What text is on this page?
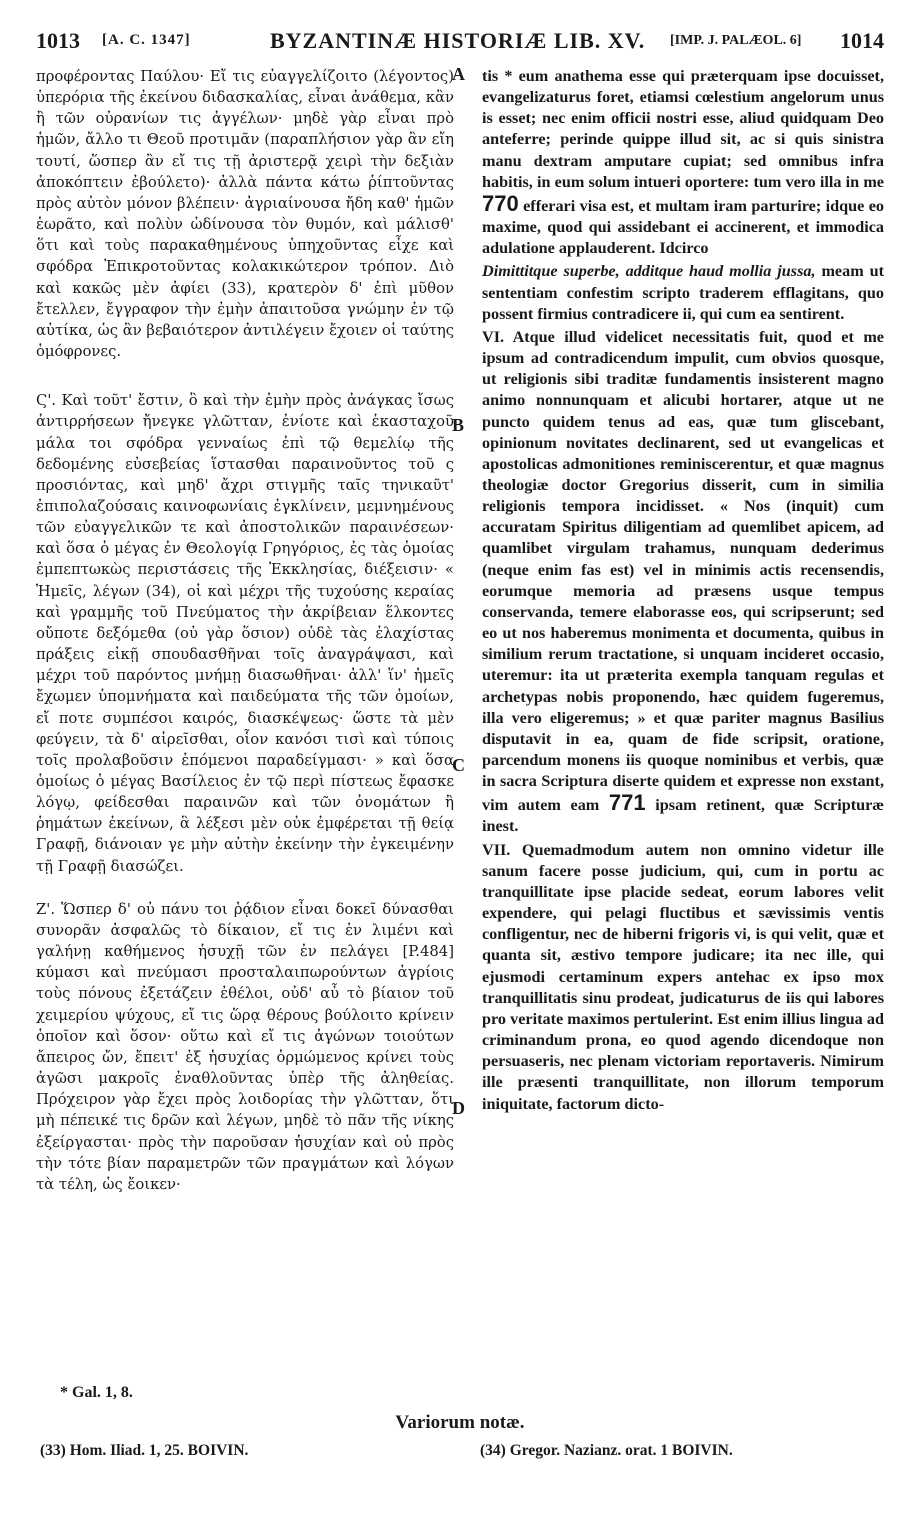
1013 [A. C. 1347]	BYZANTINÆ HISTORIÆ LIB. XV. [IMP. J. PALÆOL. 6] 1014

προφέροντας Παύλου· Εἴ τις εὐαγγελίζοιτο (λέγοντος) ὑπερόρια τῆς ἐκείνου διδασκαλίας, εἶναι ἀνάθεμα, κἂν ἢ τῶν οὐρανίων τις ἀγγέλων· μηδὲ γὰρ εἶναι πρὸ ἡμῶν, ἄλλο τι Θεοῦ προτιμᾶν (παραπλήσιον γὰρ ἂν εἴη τουτί, ὥσπερ ἂν εἴ τις τῇ ἀριστερᾷ χειρὶ τὴν δεξιὰν ἀποκόπτειν ἐβούλετο)· ἀλλὰ πάντα κάτω ῥίπτοῦντας πρὸς αὐτὸν μόνον βλέπειν· ἀγριαίνουσα ἤδη καθ' ἡμῶν ἑωρᾶτο, καὶ πολὺν ὠδίνουσα τὸν θυμόν, καὶ μάλισθ' ὅτι καὶ τοὺς παρακαθημένους ὑπηχοῦντας εἶχε καὶ σφόδρα Ἐπικροτοῦντας κολακικώτερον τρόπον. Διὸ καὶ κακῶς μὲν ἀφίει (33), κρατερὸν δ' ἐπὶ μῦθον ἔτελλεν, ἔγγραφον τὴν ἐμὴν ἀπαιτοῦσα γνώμην ἐν τῷ αὐτίκα, ὡς ἂν βεβαιότερον ἀντιλέγειν ἔχοιεν οἱ ταύτης ὁμόφρονες.

Ϛ'. Καὶ τοῦτ' ἔστιν, ὃ καὶ τὴν ἐμὴν πρὸς ἀνάγκας ἴσως ἀντιρρήσεων ἤνεγκε γλῶτταν, ἐνίοτε καὶ ἑκασταχοῦ μάλα τοι σφόδρα γενναίως ἐπὶ τῷ θεμελίῳ τῆς δεδομένης εὐσεβείας ἵστασθαι παραινοῦντος τοῦ ς προσιόντας, καὶ μηδ' ἄχρι στιγμῆς ταῖς τηνικαῦτ' ἐπιπολαζούσαις καινοφωνίαις ἐγκλίνειν, μεμνημένους τῶν εὐαγγελικῶν τε καὶ ἀποστολικῶν παραινέσεων· καὶ ὅσα ὁ μέγας ἐν Θεολογίᾳ Γρηγόριος, ἐς τὰς ὁμοίας ἐμπεπτωκὼς περιστάσεις τῆς Ἐκκλησίας, διέξεισιν· « Ἡμεῖς, λέγων (34), οἱ καὶ μέχρι τῆς τυχούσης κεραίας καὶ γραμμῆς τοῦ Πνεύματος τὴν ἀκρίβειαν ἕλκοντες οὔποτε δεξόμεθα (οὐ γὰρ ὅσιον) οὐδὲ τὰς ἐλαχίστας πράξεις εἰκῇ σπουδασθῆναι τοῖς ἀναγράψασι, καὶ μέχρι τοῦ παρόντος μνήμῃ διασωθῆναι· ἀλλ' ἵν' ἡμεῖς ἔχωμεν ὑπομνήματα καὶ παιδεύματα τῆς τῶν ὁμοίων, εἴ ποτε συμπέσοι καιρός, διασκέψεως· ὥστε τὰ μὲν φεύγειν, τὰ δ' αἱρεῖσθαι, οἷον κανόσι τισὶ καὶ τύποις τοῖς προλαβοῦσιν ἑπόμενοι παραδείγμασι· » καὶ ὅσα ὁμοίως ὁ μέγας Βασίλειος ἐν τῷ περὶ πίστεως ἔφασκε λόγῳ, φείδεσθαι παραινῶν καὶ τῶν ὀνομάτων ἢ ῥημάτων ἐκείνων, ἃ λέξεσι μὲν οὐκ ἐμφέρεται τῇ θείᾳ Γραφῇ, διάνοιαν γε μὴν αὐτὴν ἐκείνην τὴν ἐγκειμένην τῇ Γραφῇ διασώζει.

Ζ'. Ὥσπερ δ' οὐ πάνυ τοι ῥᾴδιον εἶναι δοκεῖ δύνασθαι συνορᾶν ἀσφαλῶς τὸ δίκαιον, εἴ τις ἐν λιμένι καὶ γαλήνῃ καθήμενος ἡσυχῇ τῶν ἐν πελάγει [P.484] κύμασι καὶ πνεύμασι προσταλαιπωρούντων ἀγρίοις τοὺς πόνους ἐξετάζειν ἐθέλοι, οὐδ' αὖ τὸ βίαιον τοῦ χειμερίου ψύχους, εἴ τις ὥρᾳ θέρους βούλοιτο κρίνειν ὁποῖον καὶ ὅσον· οὕτω καὶ εἴ τις ἀγώνων τοιούτων ἄπειρος ὤν, ἔπειτ' ἐξ ἡσυχίας ὁρμώμενος κρίνει τοὺς ἀγῶσι μακροῖς ἐναθλοῦντας ὑπὲρ τῆς ἀληθείας. Πρόχειρον γὰρ ἔχει πρὸς λοιδορίας τὴν γλῶτταν, ὅτι μὴ πέπεικέ τις δρῶν καὶ λέγων, μηδὲ τὸ πᾶν τῆς νίκης ἐξείργασται· πρὸς τὴν παροῦσαν ἡσυχίαν καὶ οὐ πρὸς τὴν τότε βίαν παραμετρῶν τῶν πραγμάτων καὶ λόγων τὰ τέλη, ὡς ἔοικεν·

A
B
C
D

tis * eum anathema esse qui præterquam ipse docuisset, evangelizaturus foret, etiamsi cœlestium angelorum unus is esset; nec enim officii nostri esse, aliud quidquam Deo anteferre; perinde quippe illud sit, ac si quis sinistra manu dextram amputare cupiat; sed omnibus infra habitis, in eum solum intueri oportere: tum vero illa in me 770 efferari visa est, et multam iram parturire; idque eo maxime, quod qui assidebant ei accinerent, et immodica adulatione applauderent. Idcirco

Dimittitque superbe, additque haud mollia jussa, meam ut sententiam confestim scripto traderem efflagitans, quo possent firmius contradicere ii, qui cum ea sentirent.

VI. Atque illud videlicet necessitatis fuit, quod et me ipsum ad contradicendum impulit, cum obvios quosque, ut religionis sibi traditæ fundamentis insisterent magno animo nonnunquam et alicubi hortarer, atque ut ne puncto quidem tenus ad eas, quæ tum gliscebant, opinionum novitates declinarent, sed ut evangelicas et apostolicas admonitiones reminiscerentur, et quæ magnus theologiæ doctor Gregorius disserit, cum in similia religionis tempora incidisset. « Nos (inquit) cum accuratam Spiritus diligentiam ad quemlibet apicem, ad quamlibet virgulam trahamus, nunquam dederimus (neque enim fas est) vel in minimis actis recensendis, eorumque memoria ad præsens usque tempus conservanda, temere elaborasse eos, qui scripserunt; sed eo ut nos haberemus monimenta et documenta, quibus in similium rerum tractatione, si unquam incideret occasio, uteremur: ita ut præterita exempla tanquam regulas et archetypas nobis proponendo, hæc quidem fugeremus, illa vero eligeremus; » et quæ pariter magnus Basilius disputavit in ea, quam de fide scripsit, oratione, parcendum monens iis quoque nominibus et verbis, quæ in sacra Scriptura diserte quidem et expresse non exstant, vim autem eam 771 ipsam retinent, quæ Scripturæ inest.

VII. Quemadmodum autem non omnino videtur ille sanum facere posse judicium, qui, cum in portu ac tranquillitate ipse placide sedeat, eorum labores velit expendere, qui pelagi fluctibus et sævissimis ventis confligentur, nec de hiberni frigoris vi, is qui velit, quæ et quanta sit, æstivo tempore judicare; ita nec ille, qui ejusmodi certaminum expers antehac ex ipso mox tranquillitatis sinu prodeat, judicaturus de iis qui labores pro veritate maximos pertulerint. Est enim illius lingua ad criminandum prona, eo quod agendo dicendoque non persuaseris, nec plenam victoriam reportaveris. Nimirum ille præsenti tranquillitate, non illorum temporum iniquitate, factorum dicto-

* Gal. 1, 8.
Variorum notæ.
(33) Hom. Iliad. 1, 25. BOIVIN.	(34) Gregor. Nazianz. orat. 1 BOIVIN.
